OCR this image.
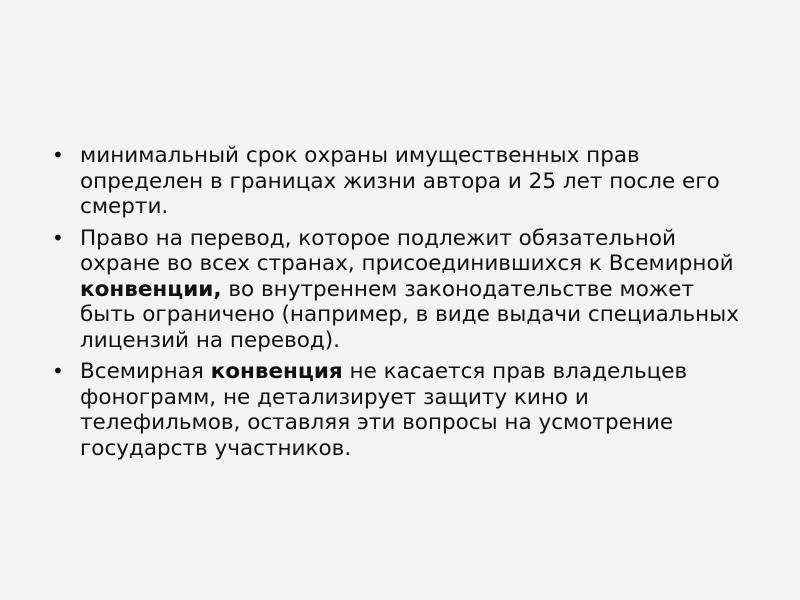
• минимальный срок охраны имущественных прав определен в границах жизни автора и 25 лет после его смерти.
• Право на перевод, которое подлежит обязательной охране во всех странах, присоединившихся к Всемирной конвенции, во внутреннем законодательстве может быть ограничено (например, в виде выдачи специальных лицензий на перевод).
• Всемирная конвенция не касается прав владельцев фонограмм, не детализирует защиту кино и телефильмов, оставляя эти вопросы на усмотрение государств участников.
